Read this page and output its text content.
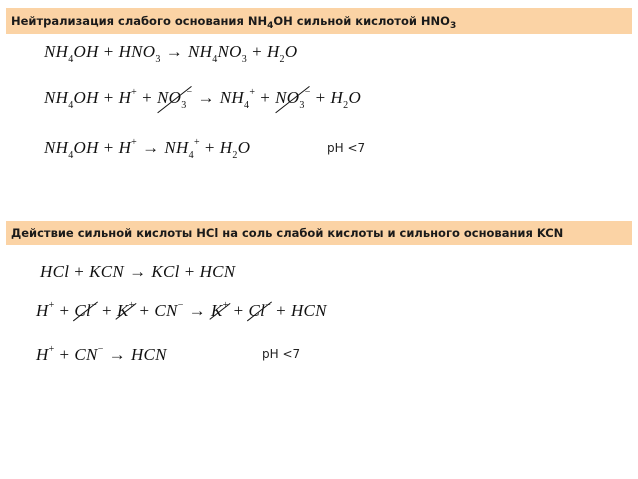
Нейтрализация слабого основания $NH_4OH$ сильной кислотой $HNO_3$
$NH_4OH + HNO_3 \to NH_4NO_3 + H_2O$
$NH_4OH + H^+ + NO_3^- \to NH_4^+ + NO_3^- + H_2O$
$NH_4OH + H^+ \to NH_4^+ + H_2O$	pH <7
Действие сильной кислоты HCl на соль слабой кислоты и сильного основания KCN
HCl + KCN → KCl + HCN
H+ + Cl− + K+ + CN− → K+ + Cl− + HCN
H+ + CN− → HCN	pH <7
